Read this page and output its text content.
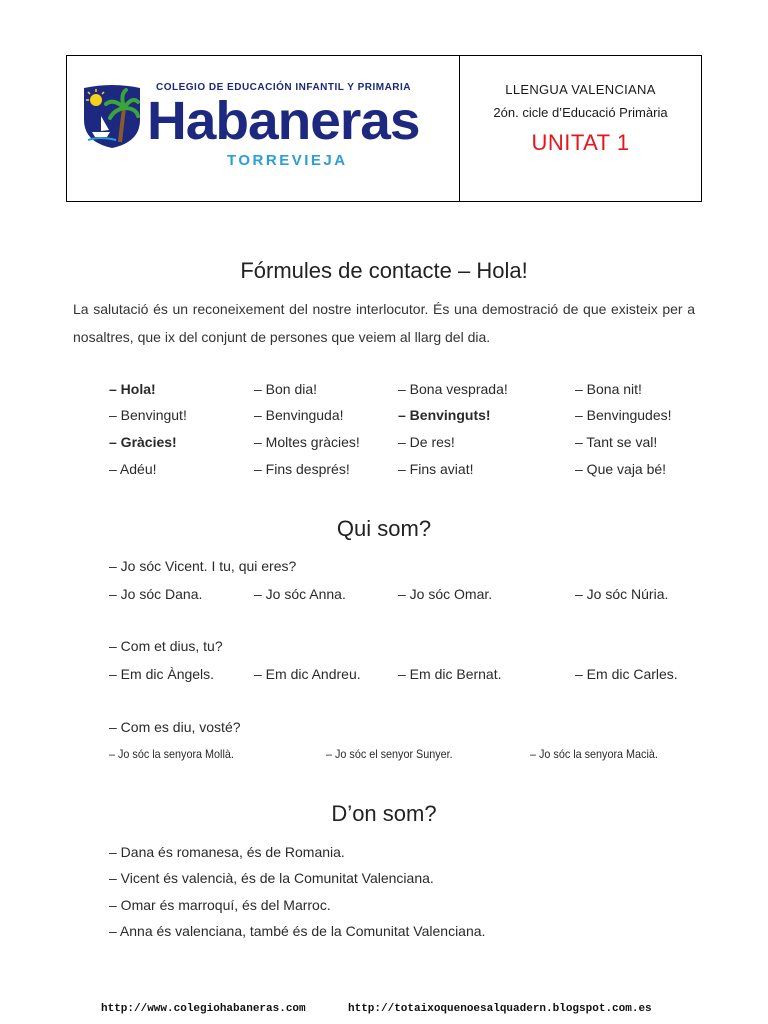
COLEGIO DE EDUCACIÓN INFANTIL Y PRIMARIA
Habaneras
TORREVIEJA
LLENGUA VALENCIANA
2ón. cicle d’Educació Primària
UNITAT 1
Fórmules de contacte – Hola!
La salutació és un reconeixement del nostre interlocutor. És una demostració de que existeix per a nosaltres, que ix del conjunt de persones que veiem al llarg del dia.
– Hola!	– Bon dia!	– Bona vesprada!	– Bona nit!
– Benvingut!	– Benvinguda!	– Benvinguts!	– Benvingudes!
– Gràcies!	– Moltes gràcies!	– De res!	– Tant se val!
– Adéu!	– Fins després!	– Fins aviat!	– Que vaja bé!
Qui som?
– Jo sóc Vicent. I tu, qui eres?
– Jo sóc Dana.	– Jo sóc Anna.	– Jo sóc Omar.	– Jo sóc Núria.
– Com et dius, tu?
– Em dic Àngels.	– Em dic Andreu.	– Em dic Bernat.	– Em dic Carles.
– Com es diu, vosté?
– Jo sóc la senyora Mollà.	– Jo sóc el senyor Sunyer.	– Jo sóc la senyora Macià.
D’on som?
– Dana és romanesa, és de Romania.
– Vicent és valencià, és de la Comunitat Valenciana.
– Omar és marroquí, és del Marroc.
– Anna és valenciana, també és de la Comunitat Valenciana.
http://www.colegiohabaneras.com	http://totaixoquenoesalquadern.blogspot.com.es
